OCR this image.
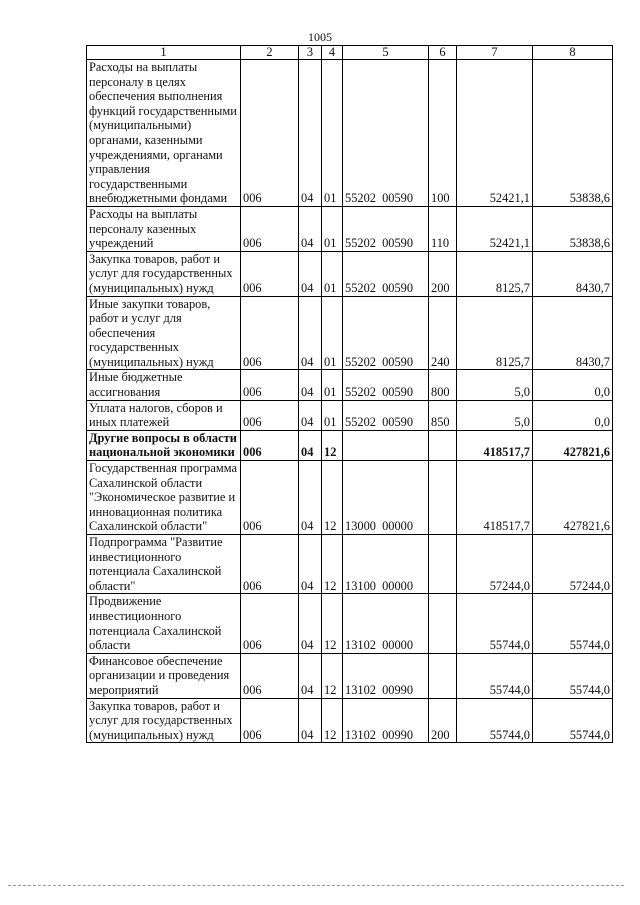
1005
1	2	3	4	5	6	7	8
Расходы на выплаты персоналу в целях обеспечения выполнения функций государственными (муниципальными) органами, казенными учреждениями, органами управления государственными внебюджетными фондами	006	04	01	55202 00590	100	52421,1	53838,6
Расходы на выплаты персоналу казенных учреждений	006	04	01	55202 00590	110	52421,1	53838,6
Закупка товаров, работ и услуг для государственных (муниципальных) нужд	006	04	01	55202 00590	200	8125,7	8430,7
Иные закупки товаров, работ и услуг для обеспечения государственных (муниципальных) нужд	006	04	01	55202 00590	240	8125,7	8430,7
Иные бюджетные ассигнования	006	04	01	55202 00590	800	5,0	0,0
Уплата налогов, сборов и иных платежей	006	04	01	55202 00590	850	5,0	0,0
Другие вопросы в области национальной экономики	006	04	12			418517,7	427821,6
Государственная программа Сахалинской области "Экономическое развитие и инновационная политика Сахалинской области"	006	04	12	13000 00000		418517,7	427821,6
Подпрограмма "Развитие инвестиционного потенциала Сахалинской области"	006	04	12	13100 00000		57244,0	57244,0
Продвижение инвестиционного потенциала Сахалинской области	006	04	12	13102 00000		55744,0	55744,0
Финансовое обеспечение организации и проведения мероприятий	006	04	12	13102 00990		55744,0	55744,0
Закупка товаров, работ и услуг для государственных (муниципальных) нужд	006	04	12	13102 00990	200	55744,0	55744,0
